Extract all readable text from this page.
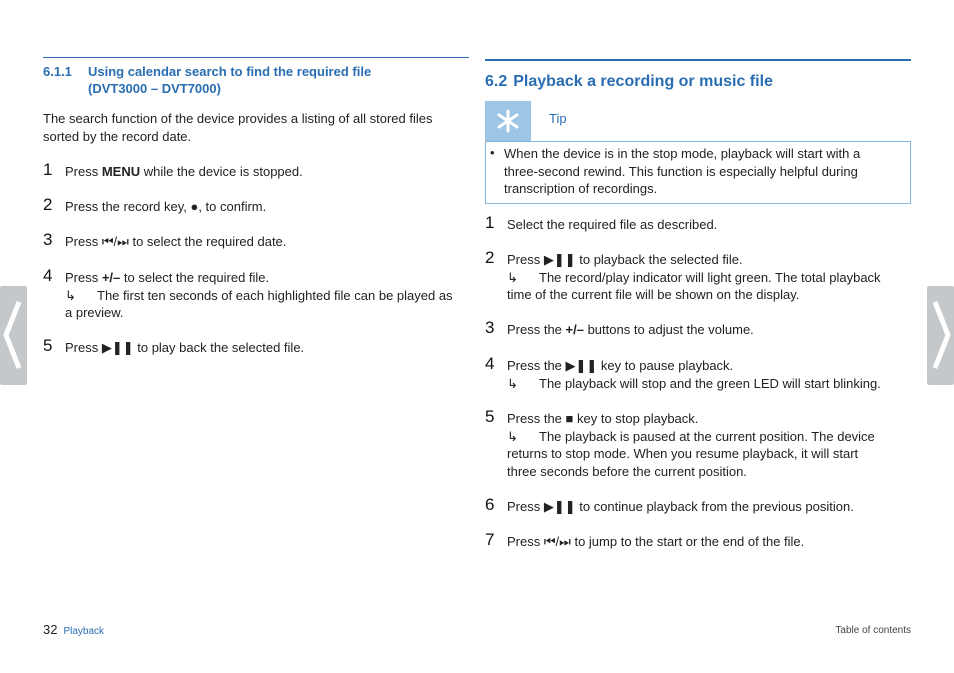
6.1.1 Using calendar search to find the required file
(DVT3000 – DVT7000)
The search function of the device provides a listing of all stored files
sorted by the record date.
1 Press MENU while the device is stopped.
2 Press the record key, ●, to confirm.
3 Press ⏮/⏭ to select the required date.
4 Press +/– to select the required file.
↳ The first ten seconds of each highlighted file can be played as
a preview.
5 Press ▶❚❚ to play back the selected file.
6.2 Playback a recording or music file
Tip
• When the device is in the stop mode, playback will start with a
three-second rewind. This function is especially helpful during
transcription of recordings.
1 Select the required file as described.
2 Press ▶❚❚ to playback the selected file.
↳ The record/play indicator will light green. The total playback
time of the current file will be shown on the display.
3 Press the +/– buttons to adjust the volume.
4 Press the ▶❚❚ key to pause playback.
↳ The playback will stop and the green LED will start blinking.
5 Press the ■ key to stop playback.
↳ The playback is paused at the current position. The device
returns to stop mode. When you resume playback, it will start
three seconds before the current position.
6 Press ▶❚❚ to continue playback from the previous position.
7 Press ⏮/⏭ to jump to the start or the end of the file.
32 Playback	Table of contents
